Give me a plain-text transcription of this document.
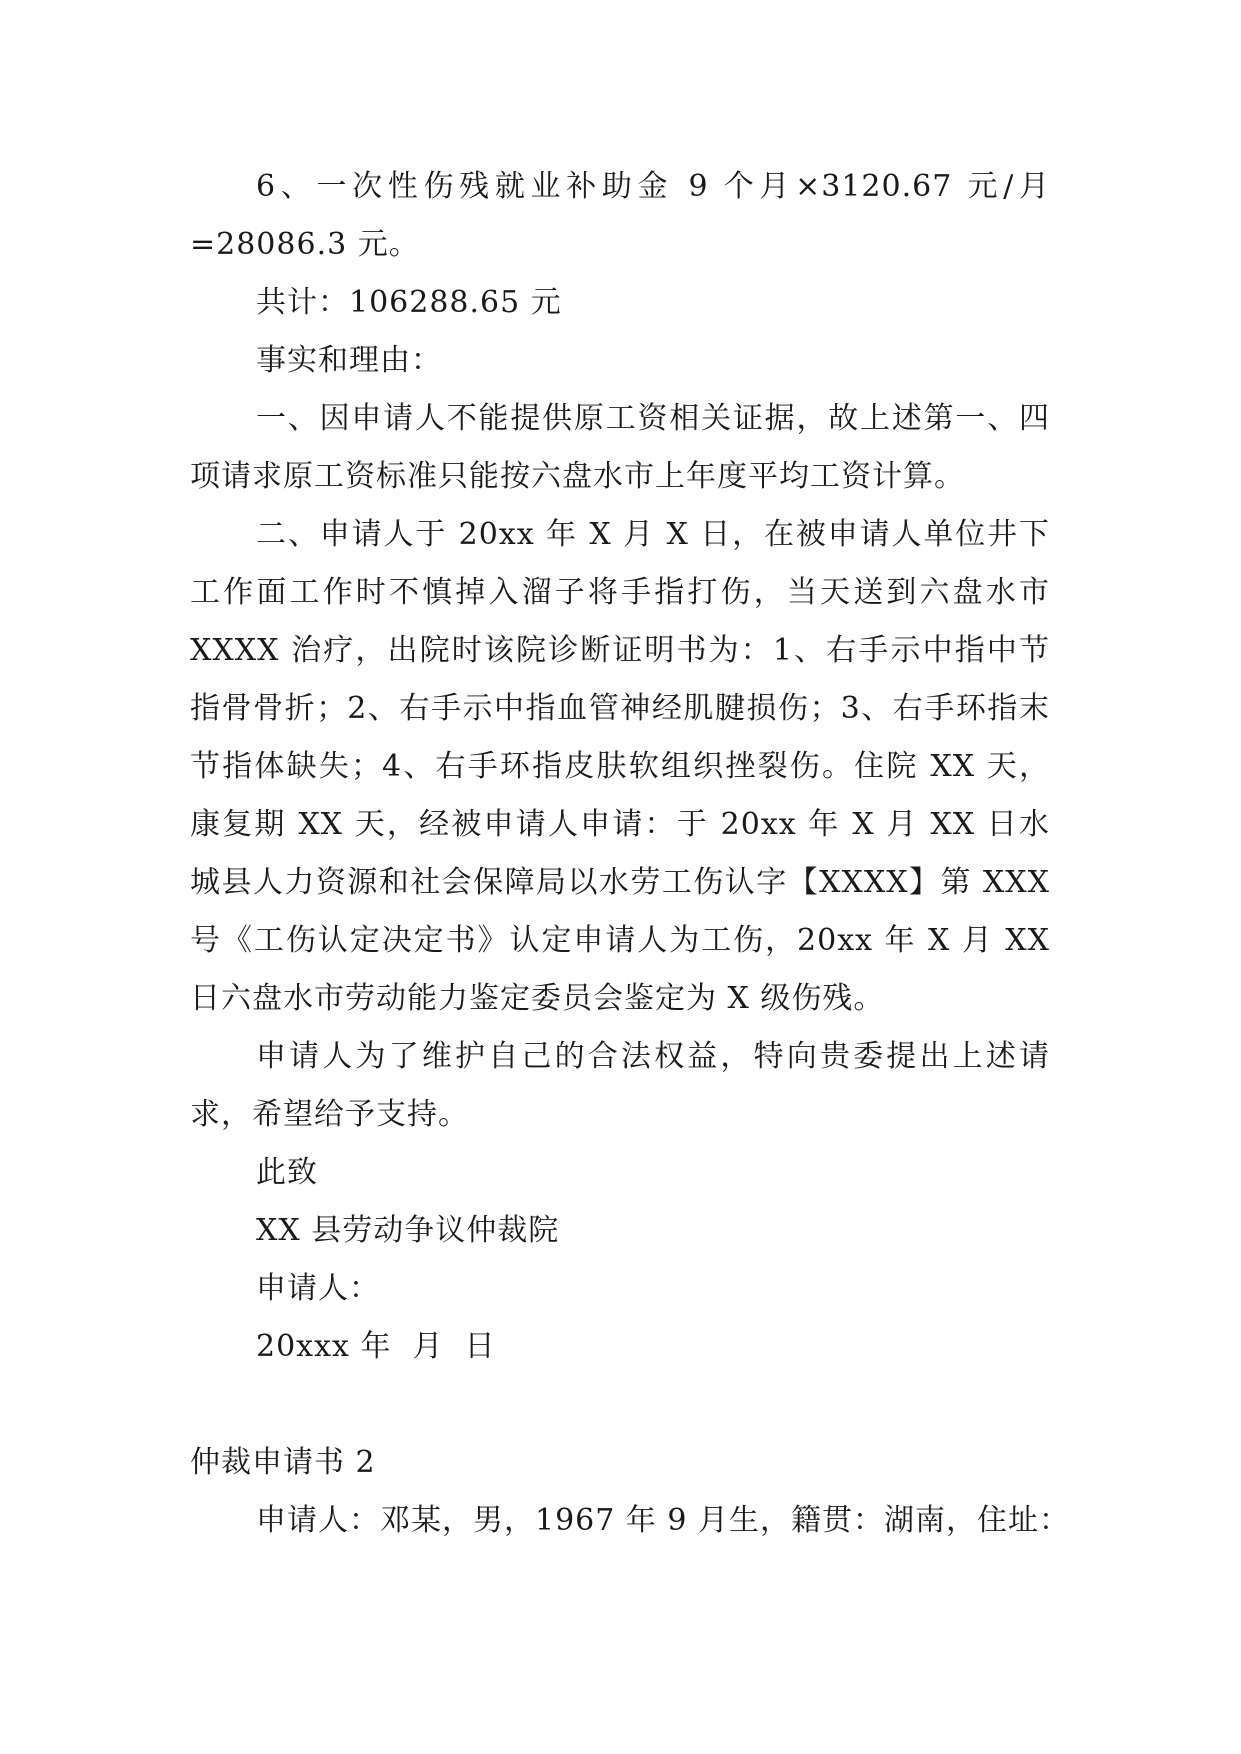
6、一次性伤残就业补助金 9 个月×3120.67 元/月=28086.3 元。

共计：106288.65 元

事实和理由：

一、因申请人不能提供原工资相关证据，故上述第一、四项请求原工资标准只能按六盘水市上年度平均工资计算。

二、申请人于 20xx 年 X 月 X 日，在被申请人单位井下工作面工作时不慎掉入溜子将手指打伤，当天送到六盘水市 XXXX 治疗，出院时该院诊断证明书为：1、右手示中指中节指骨骨折；2、右手示中指血管神经肌腱损伤；3、右手环指末节指体缺失；4、右手环指皮肤软组织挫裂伤。住院 XX 天，康复期 XX 天，经被申请人申请：于 20xx 年 X 月 XX 日水城县人力资源和社会保障局以水劳工伤认字【XXXX】第 XXX 号《工伤认定决定书》认定申请人为工伤，20xx 年 X 月 XX 日六盘水市劳动能力鉴定委员会鉴定为 X 级伤残。

申请人为了维护自己的合法权益，特向贵委提出上述请求，希望给予支持。

此致

XX 县劳动争议仲裁院

申请人：

20xxx 年  月  日

仲裁申请书 2

申请人：邓某，男，1967 年 9 月生，籍贯：湖南，住址：
